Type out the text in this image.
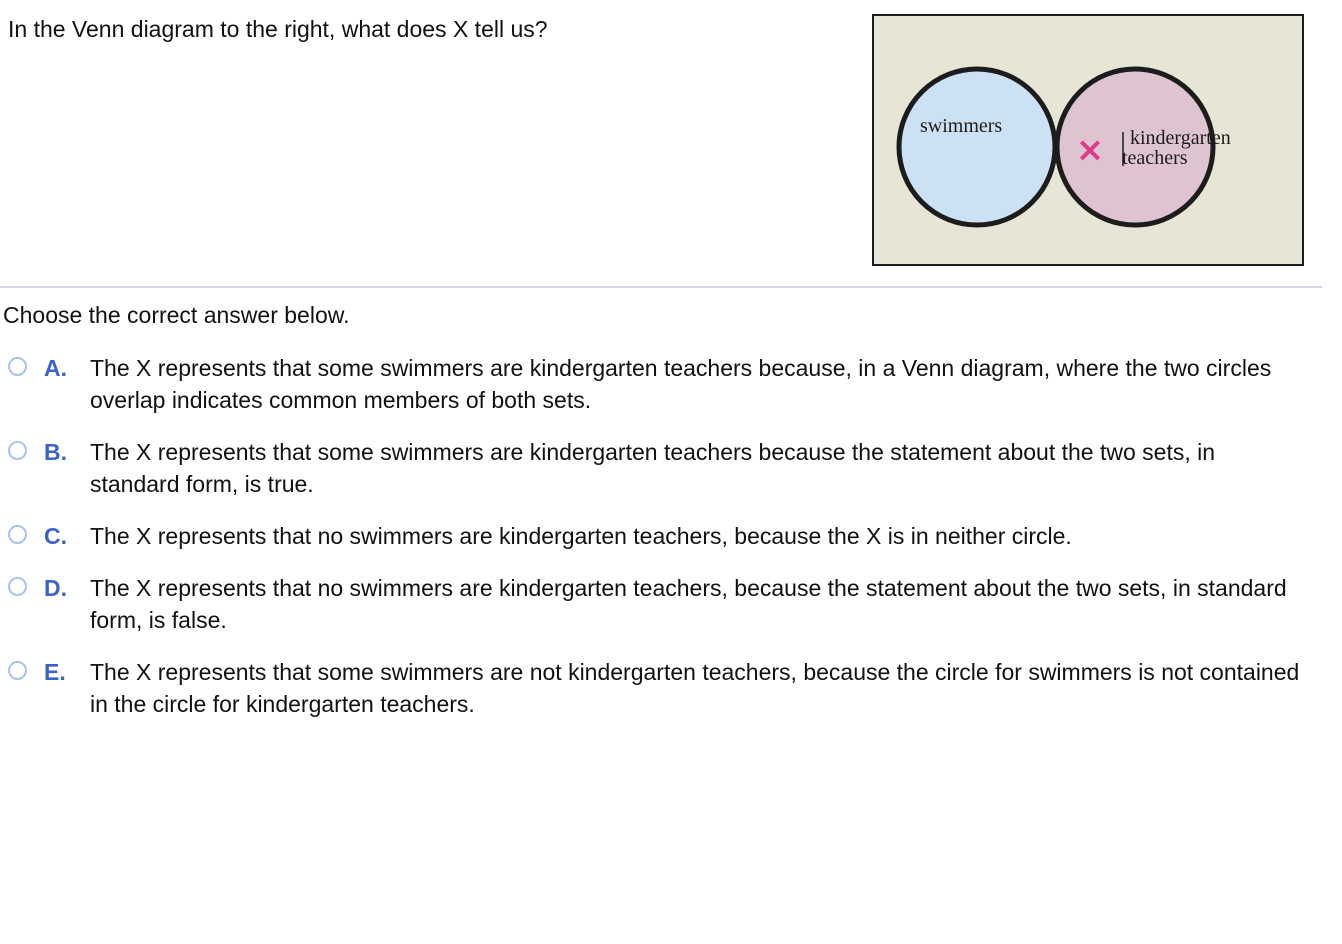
In the Venn diagram to the right, what does X tell us?
swimmers
× kindergarten
teachers

Choose the correct answer below.

A. The X represents that some swimmers are kindergarten teachers because, in a Venn diagram, where the two circles overlap indicates common members of both sets.
B. The X represents that some swimmers are kindergarten teachers because the statement about the two sets, in standard form, is true.
C. The X represents that no swimmers are kindergarten teachers, because the X is in neither circle.
D. The X represents that no swimmers are kindergarten teachers, because the statement about the two sets, in standard form, is false.
E. The X represents that some swimmers are not kindergarten teachers, because the circle for swimmers is not contained in the circle for kindergarten teachers.
